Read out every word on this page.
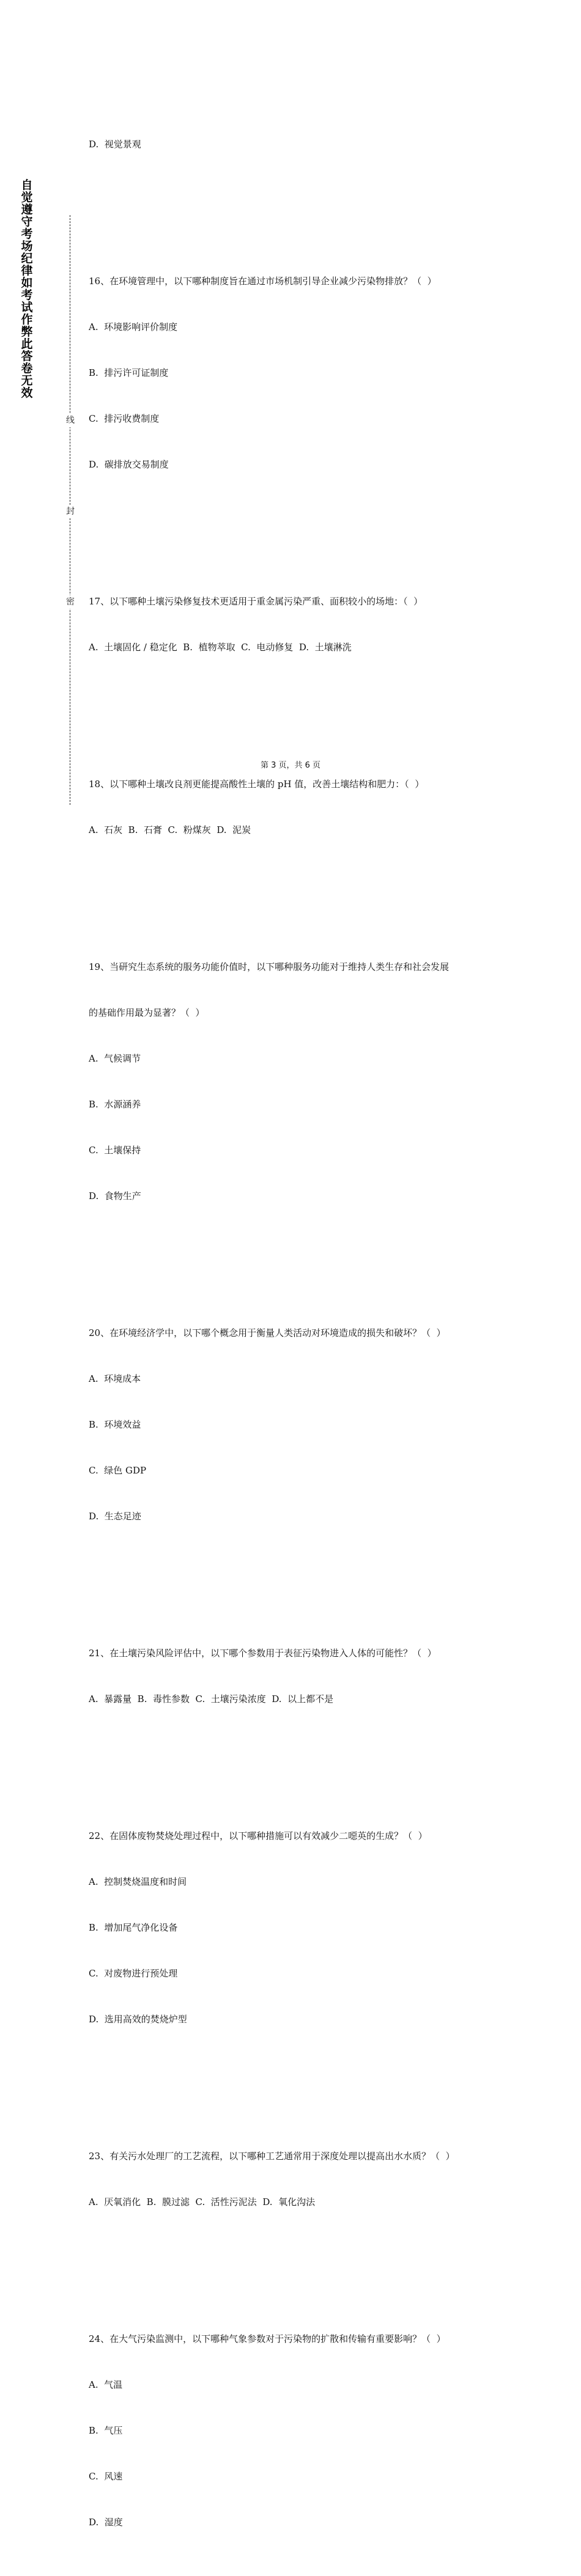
自觉遵守考场纪律如考试作弊此答卷无效
线
封
密

D.  视觉景观

16、在环境管理中，以下哪种制度旨在通过市场机制引导企业减少污染物排放？（  ）

A.  环境影响评价制度

B.  排污许可证制度

C.  排污收费制度

D.  碳排放交易制度

17、以下哪种土壤污染修复技术更适用于重金属污染严重、面积较小的场地：（  ）

A.  土壤固化 / 稳定化  B.  植物萃取  C.  电动修复  D.  土壤淋洗

18、以下哪种土壤改良剂更能提高酸性土壤的 pH 值，改善土壤结构和肥力：（  ）

A.  石灰  B.  石膏  C.  粉煤灰  D.  泥炭

19、当研究生态系统的服务功能价值时，以下哪种服务功能对于维持人类生存和社会发展

的基础作用最为显著？（  ）

A.  气候调节

B.  水源涵养

C.  土壤保持

D.  食物生产

20、在环境经济学中，以下哪个概念用于衡量人类活动对环境造成的损失和破坏？（  ）

A.  环境成本

B.  环境效益

C.  绿色 GDP

D.  生态足迹

21、在土壤污染风险评估中，以下哪个参数用于表征污染物进入人体的可能性？（  ）

A.  暴露量  B.  毒性参数  C.  土壤污染浓度  D.  以上都不是

22、在固体废物焚烧处理过程中，以下哪种措施可以有效减少二噁英的生成？（  ）

A.  控制焚烧温度和时间

B.  增加尾气净化设备

C.  对废物进行预处理

D.  选用高效的焚烧炉型

23、有关污水处理厂的工艺流程，以下哪种工艺通常用于深度处理以提高出水水质？（  ）

A.  厌氧消化  B.  膜过滤  C.  活性污泥法  D.  氧化沟法

24、在大气污染监测中，以下哪种气象参数对于污染物的扩散和传输有重要影响？（  ）

A.  气温

B.  气压

C.  风速

D.  湿度

第 3 页，共 6 页
